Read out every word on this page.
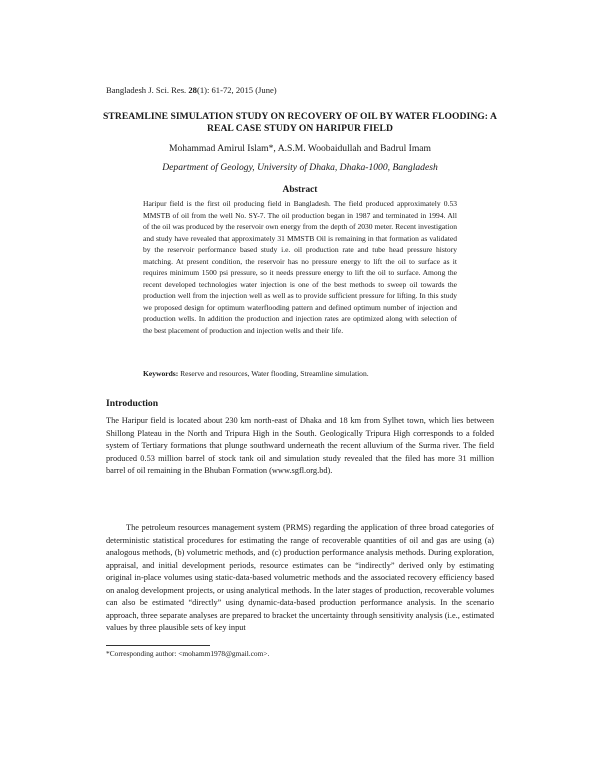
Bangladesh J. Sci. Res. 28(1): 61-72, 2015 (June)
STREAMLINE SIMULATION STUDY ON RECOVERY OF OIL BY WATER FLOODING: A REAL CASE STUDY ON HARIPUR FIELD
Mohammad Amirul Islam*, A.S.M. Woobaidullah and Badrul Imam
Department of Geology, University of Dhaka, Dhaka-1000, Bangladesh
Abstract
Haripur field is the first oil producing field in Bangladesh. The field produced approximately 0.53 MMSTB of oil from the well No. SY-7. The oil production began in 1987 and terminated in 1994. All of the oil was produced by the reservoir own energy from the depth of 2030 meter. Recent investigation and study have revealed that approximately 31 MMSTB Oil is remaining in that formation as validated by the reservoir performance based study i.e. oil production rate and tube head pressure history matching. At present condition, the reservoir has no pressure energy to lift the oil to surface as it requires minimum 1500 psi pressure, so it needs pressure energy to lift the oil to surface. Among the recent developed technologies water injection is one of the best methods to sweep oil towards the production well from the injection well as well as to provide sufficient pressure for lifting. In this study we proposed design for optimum waterflooding pattern and defined optimum number of injection and production wells. In addition the production and injection rates are optimized along with selection of the best placement of production and injection wells and their life.
Keywords: Reserve and resources, Water flooding, Streamline simulation.
Introduction
The Haripur field is located about 230 km north-east of Dhaka and 18 km from Sylhet town, which lies between Shillong Plateau in the North and Tripura High in the South. Geologically Tripura High corresponds to a folded system of Tertiary formations that plunge southward underneath the recent alluvium of the Surma river. The field produced 0.53 million barrel of stock tank oil and simulation study revealed that the filed has more 31 million barrel of oil remaining in the Bhuban Formation (www.sgfl.org.bd).
The petroleum resources management system (PRMS) regarding the application of three broad categories of deterministic statistical procedures for estimating the range of recoverable quantities of oil and gas are using (a) analogous methods, (b) volumetric methods, and (c) production performance analysis methods. During exploration, appraisal, and initial development periods, resource estimates can be “indirectly” derived only by estimating original in-place volumes using static-data-based volumetric methods and the associated recovery efficiency based on analog development projects, or using analytical methods. In the later stages of production, recoverable volumes can also be estimated “directly” using dynamic-data-based production performance analysis. In the scenario approach, three separate analyses are prepared to bracket the uncertainty through sensitivity analysis (i.e., estimated values by three plausible sets of key input
*Corresponding author: <mohamm1978@gmail.com>.
